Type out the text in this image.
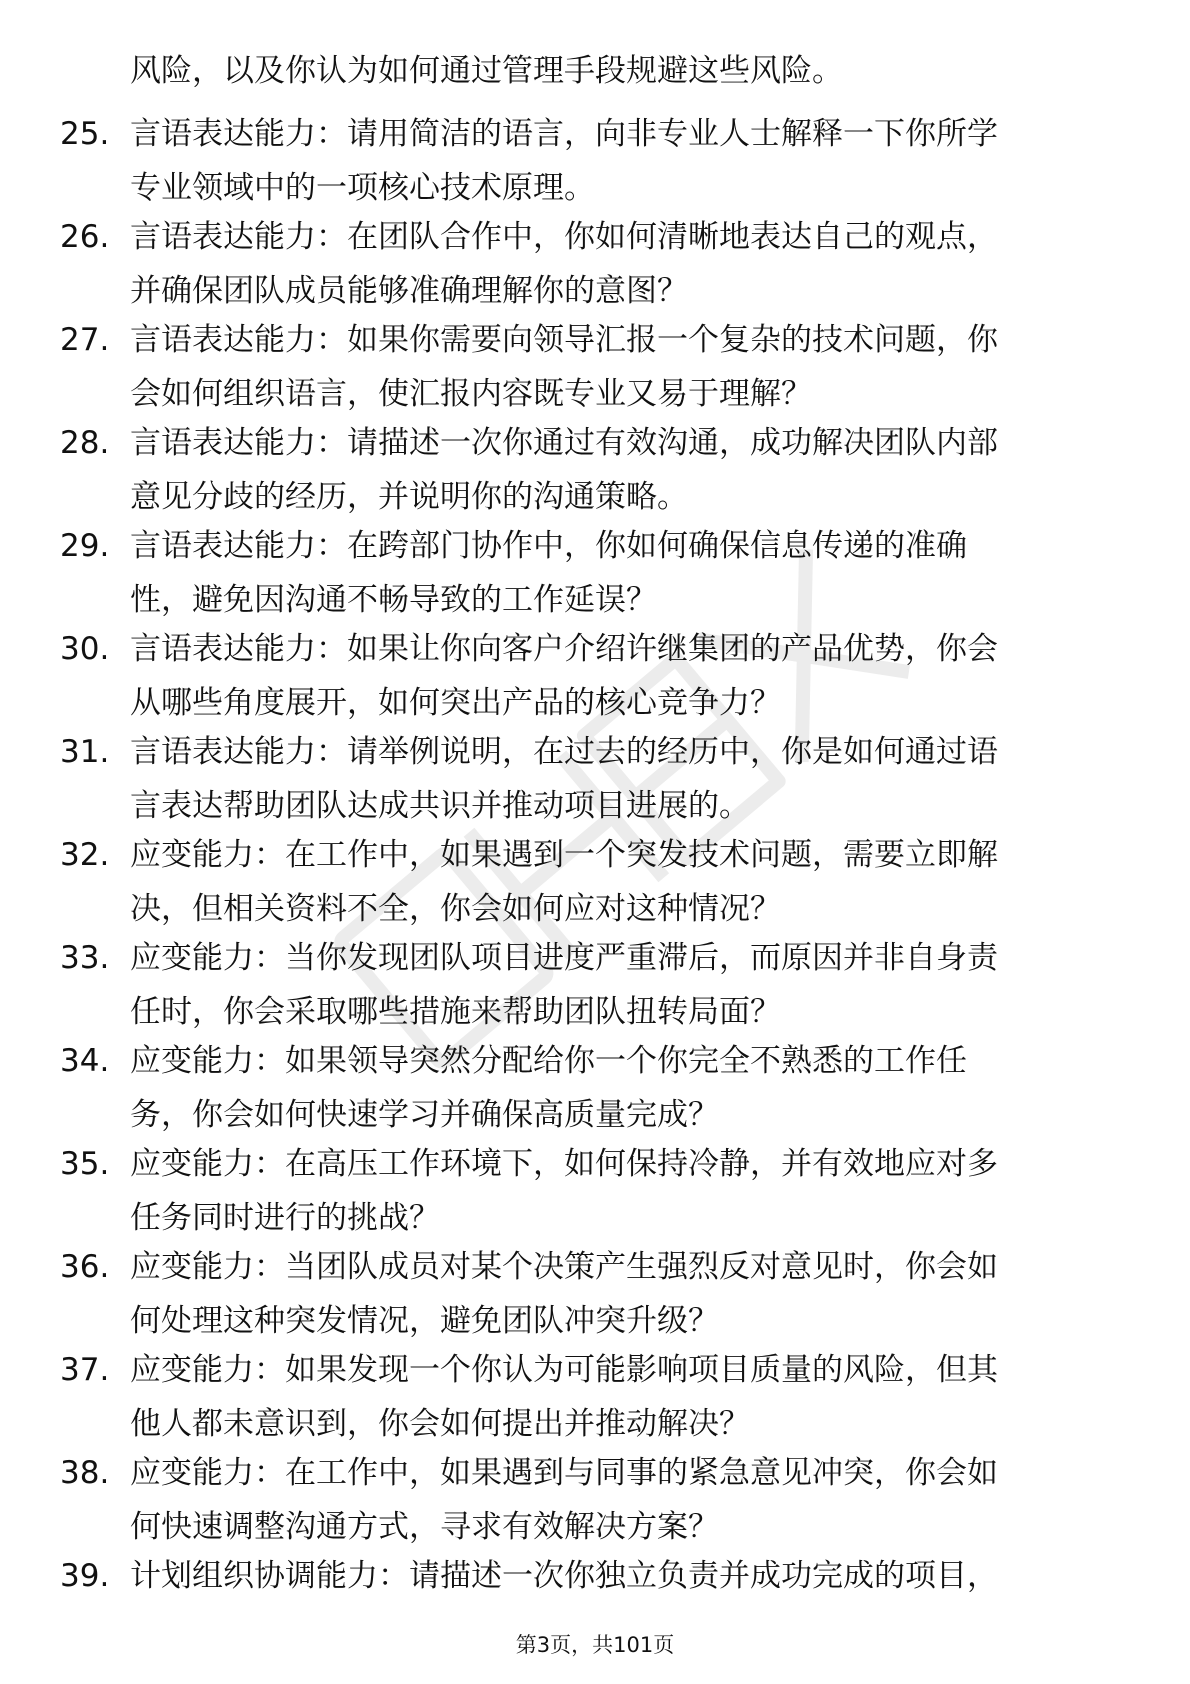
风险，以及你认为如何通过管理手段规避这些风险。
25. 言语表达能力：请用简洁的语言，向非专业人士解释一下你所学
专业领域中的一项核心技术原理。
26. 言语表达能力：在团队合作中，你如何清晰地表达自己的观点，
并确保团队成员能够准确理解你的意图？
27. 言语表达能力：如果你需要向领导汇报一个复杂的技术问题，你
会如何组织语言，使汇报内容既专业又易于理解？
28. 言语表达能力：请描述一次你通过有效沟通，成功解决团队内部
意见分歧的经历，并说明你的沟通策略。
29. 言语表达能力：在跨部门协作中，你如何确保信息传递的准确
性，避免因沟通不畅导致的工作延误？
30. 言语表达能力：如果让你向客户介绍许继集团的产品优势，你会
从哪些角度展开，如何突出产品的核心竞争力？
31. 言语表达能力：请举例说明，在过去的经历中，你是如何通过语
言表达帮助团队达成共识并推动项目进展的。
32. 应变能力：在工作中，如果遇到一个突发技术问题，需要立即解
决，但相关资料不全，你会如何应对这种情况？
33. 应变能力：当你发现团队项目进度严重滞后，而原因并非自身责
任时，你会采取哪些措施来帮助团队扭转局面？
34. 应变能力：如果领导突然分配给你一个你完全不熟悉的工作任
务，你会如何快速学习并确保高质量完成？
35. 应变能力：在高压工作环境下，如何保持冷静，并有效地应对多
任务同时进行的挑战？
36. 应变能力：当团队成员对某个决策产生强烈反对意见时，你会如
何处理这种突发情况，避免团队冲突升级？
37. 应变能力：如果发现一个你认为可能影响项目质量的风险，但其
他人都未意识到，你会如何提出并推动解决？
38. 应变能力：在工作中，如果遇到与同事的紧急意见冲突，你会如
何快速调整沟通方式，寻求有效解决方案？
39. 计划组织协调能力：请描述一次你独立负责并成功完成的项目，
第3页，共101页
